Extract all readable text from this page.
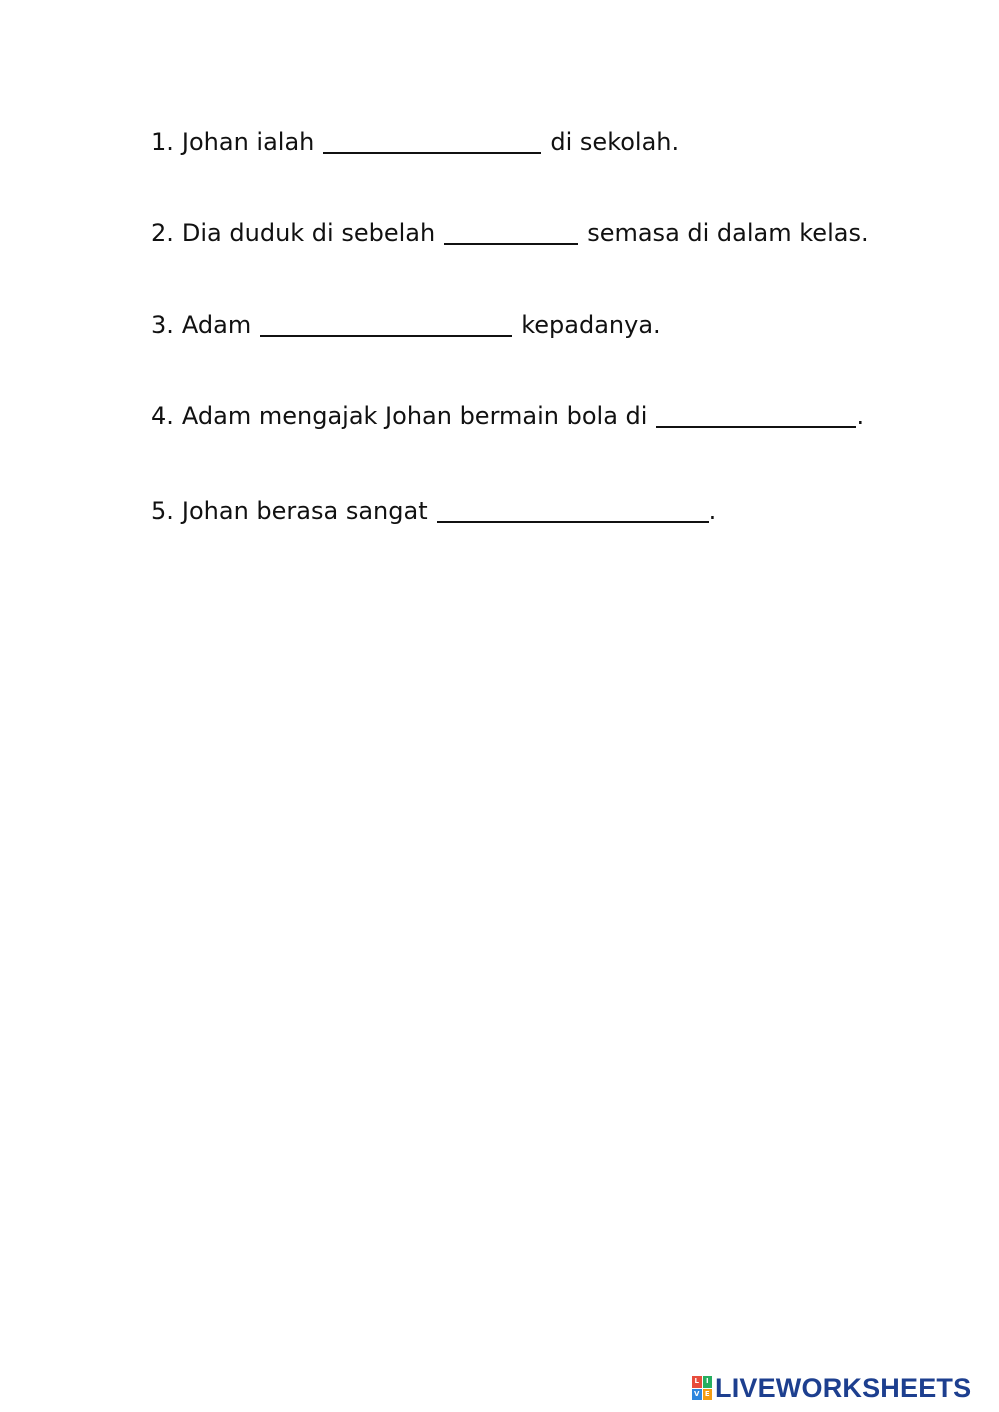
1. Johan ialah	di sekolah.
2. Dia duduk di sebelah	semasa di dalam kelas.
3. Adam	kepadanya.
4. Adam mengajak Johan bermain bola di	.
5. Johan berasa sangat	.
L I
V E LIVEWORKSHEETS
